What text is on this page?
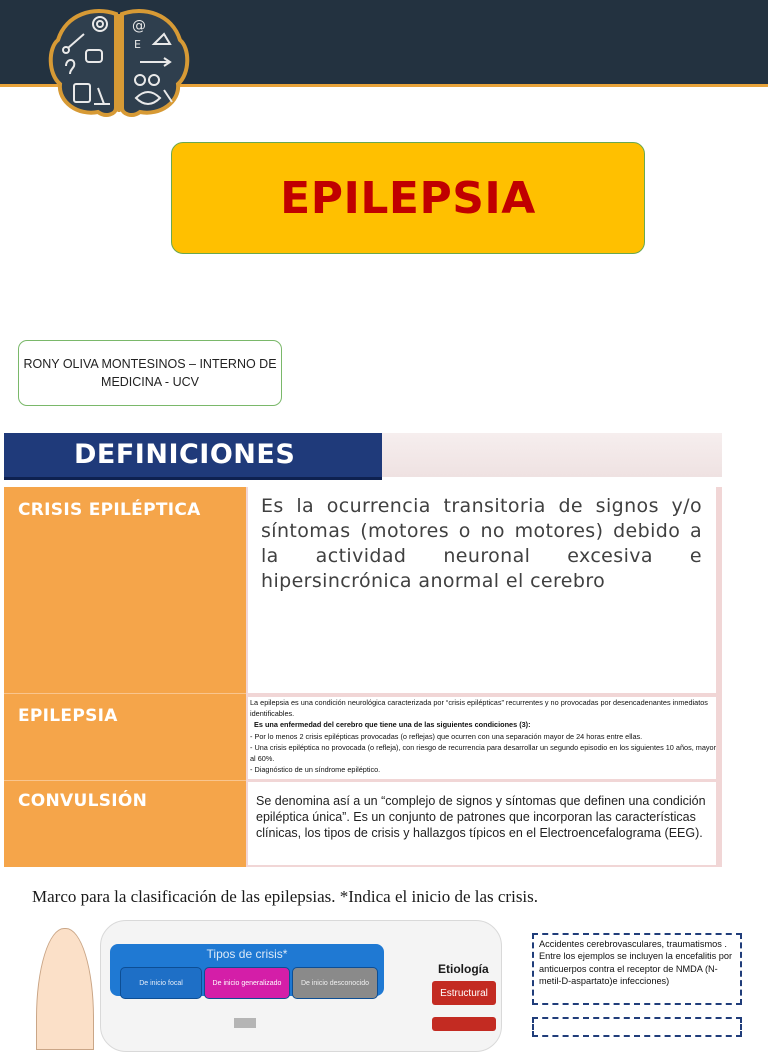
@
E
EPILEPSIA
RONY OLIVA MONTESINOS – INTERNO DE
MEDICINA - UCV
DEFINICIONES
CRISIS EPILÉPTICA
EPILEPSIA
CONVULSIÓN
Es la ocurrencia transitoria de signos y/o síntomas (motores o no motores) debido a la actividad neuronal excesiva e hipersincrónica anormal el cerebro
La epilepsia es una condición neurológica caracterizada por “crisis epilépticas” recurrentes y no provocadas por desencadenantes inmediatos identificables.
Es una enfermedad del cerebro que tiene una de las siguientes condiciones (3):
- Por lo menos 2 crisis epilépticas provocadas (o reflejas) que ocurren con una separación mayor de 24 horas entre ellas.
- Una crisis epiléptica no provocada (o refleja), con riesgo de recurrencia para desarrollar un segundo episodio en los siguientes 10 años, mayor al 60%.
- Diagnóstico de un síndrome epiléptico.
Se denomina así a un “complejo de signos y síntomas que definen una condición epiléptica única”. Es un conjunto de patrones que incorporan las características clínicas, los tipos de crisis y hallazgos típicos en el Electroencefalograma (EEG).
Marco para la clasificación de las epilepsias. *Indica el inicio de las crisis.
Tipos de crisis*
De inicio focal	De inicio generalizado	De inicio desconocido
Etiología
Estructural
Accidentes cerebrovasculares, traumatismos . Entre los ejemplos se incluyen la encefalitis por anticuerpos contra el receptor de NMDA (N-metil-D-aspartato)e infecciones)
